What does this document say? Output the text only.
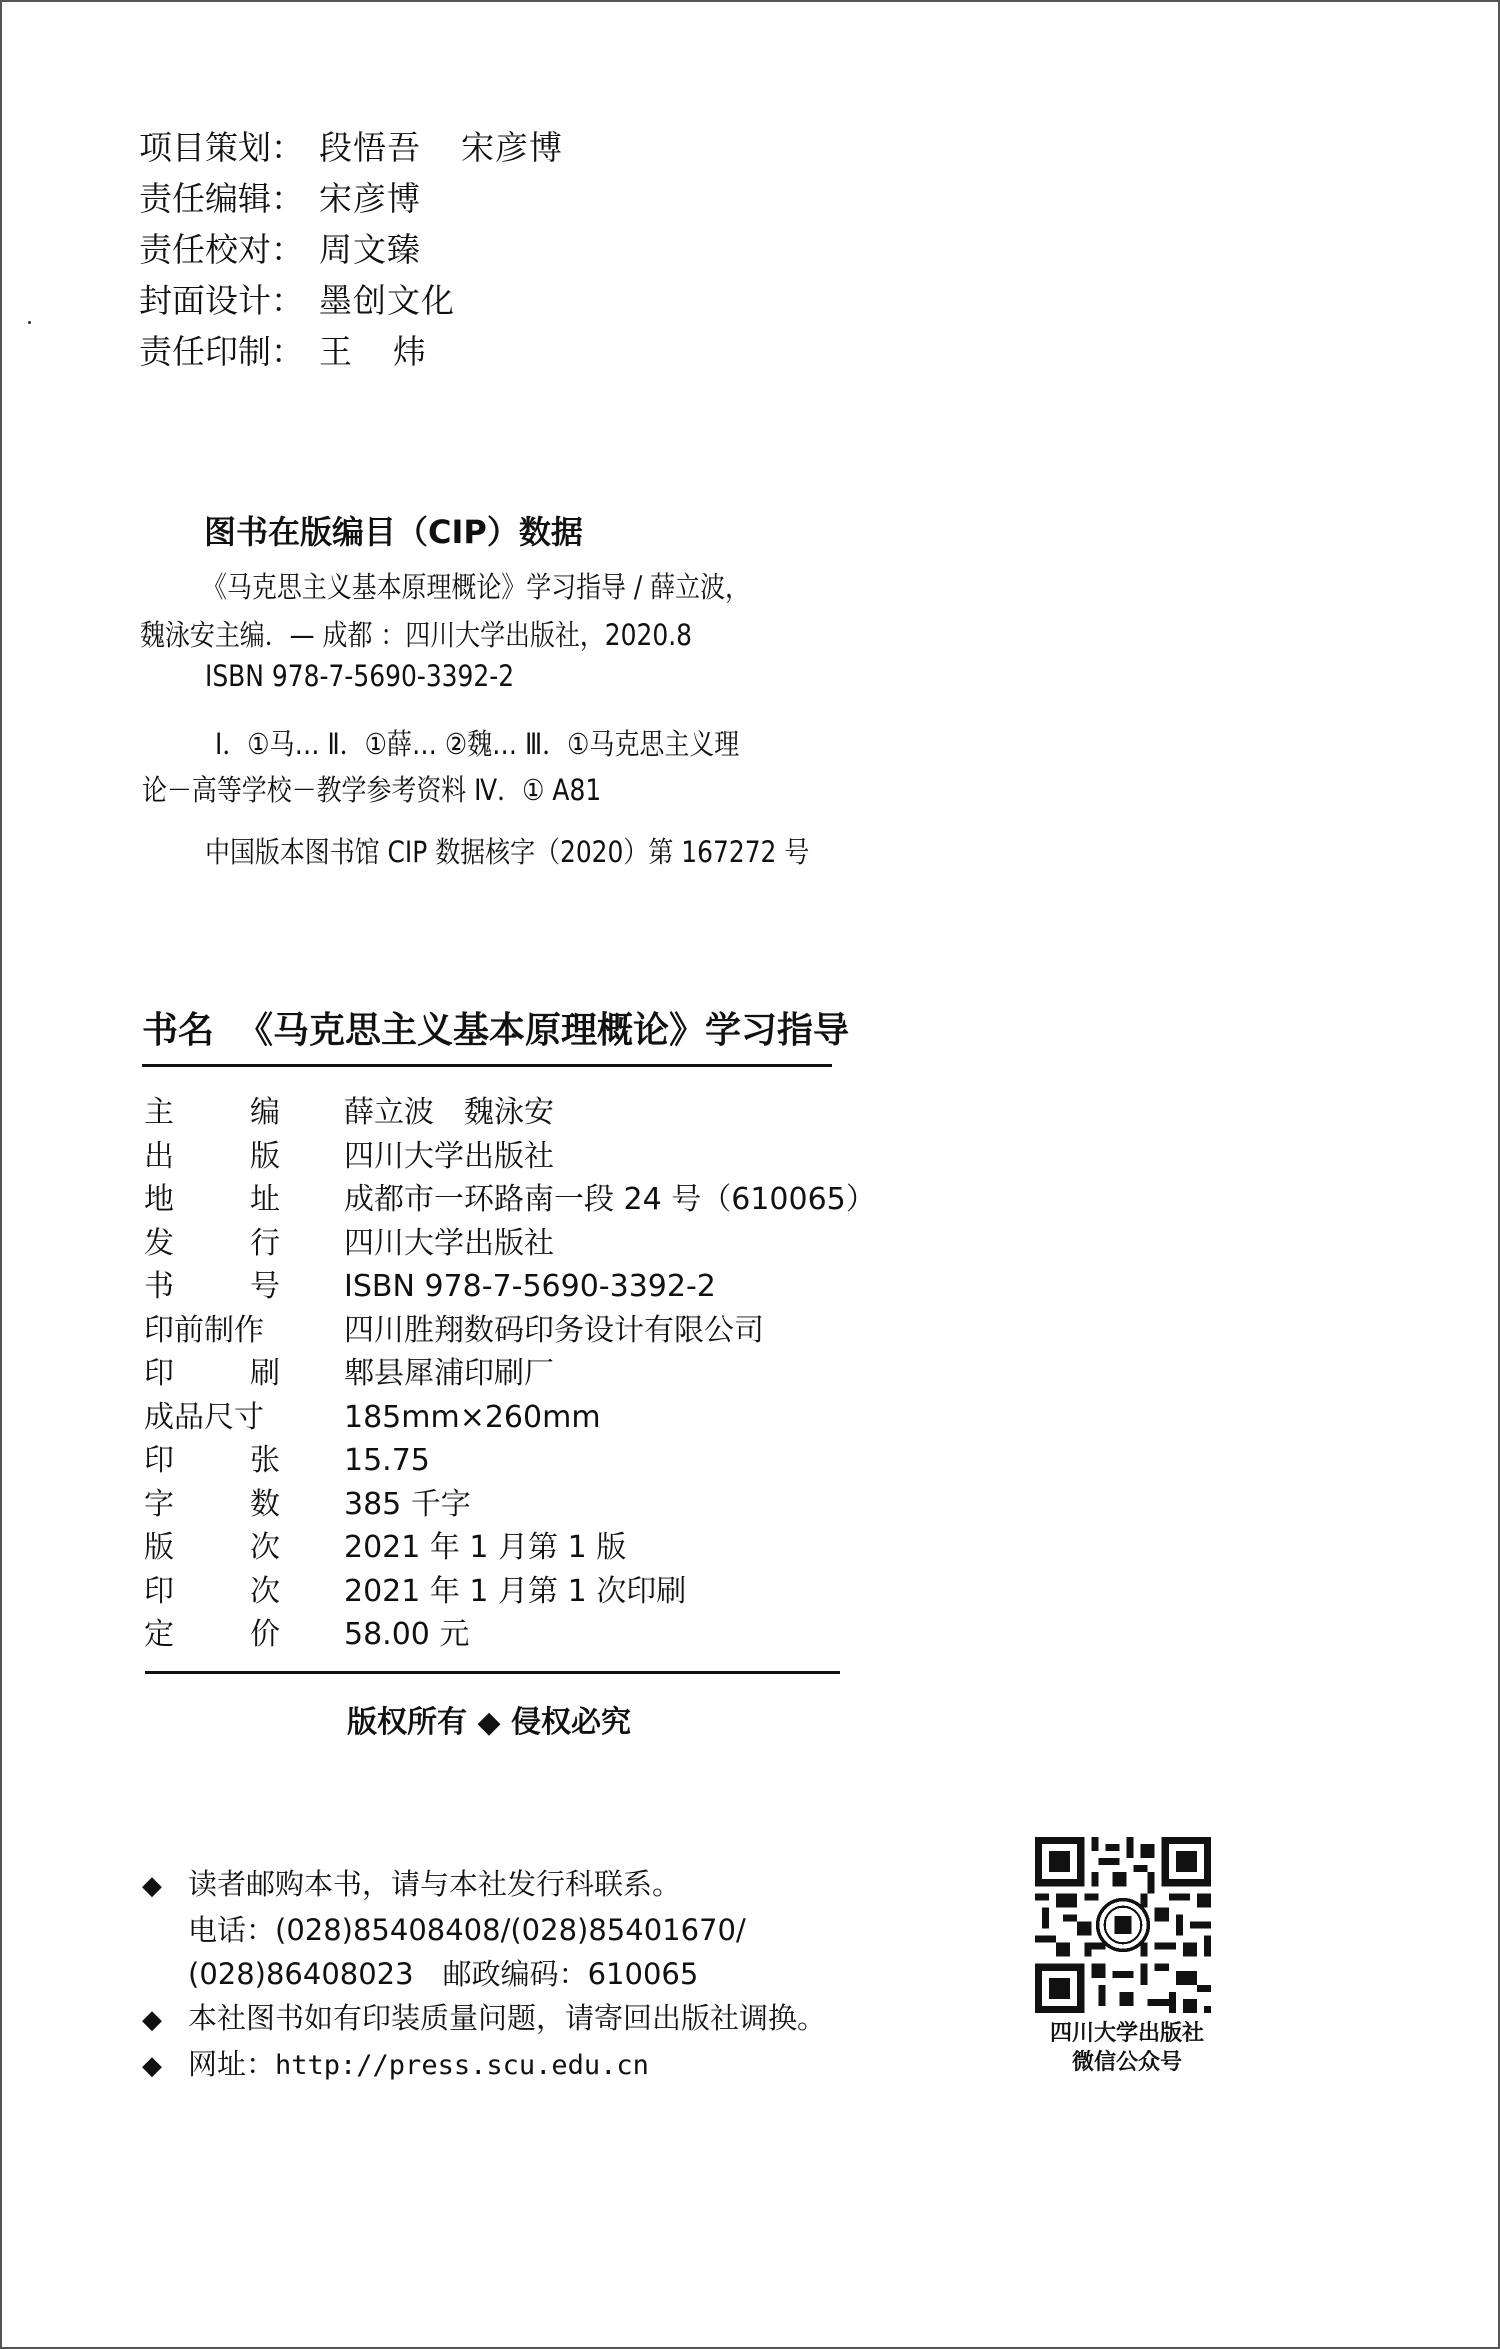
项目策划： 段悟吾 宋彦博
责任编辑： 宋彦博
责任校对： 周文臻
封面设计： 墨创文化
责任印制： 王 炜
图书在版编目（CIP）数据
《马克思主义基本原理概论》学习指导 / 薛立波，
魏泳安主编．— 成都 ：四川大学出版社，2020.8
ISBN 978-7-5690-3392-2
Ⅰ．①马… Ⅱ．①薛… ②魏… Ⅲ．①马克思主义理
论－高等学校－教学参考资料 Ⅳ．① A81
中国版本图书馆 CIP 数据核字（2020）第 167272 号
书名 《马克思主义基本原理概论》学习指导
主	编 薛立波　魏泳安
出	版 四川大学出版社
地	址 成都市一环路南一段 24 号（610065）
发	行 四川大学出版社
书	号 ISBN 978-7-5690-3392-2
印前制作	四川胜翔数码印务设计有限公司
印	刷 郫县犀浦印刷厂
成品尺寸	185mm×260mm
印	张 15.75
字	数 385 千字
版	次 2021 年 1 月第 1 版
印	次 2021 年 1 月第 1 次印刷
定	价 58.00 元
版权所有 ◆ 侵权必究
◆ 读者邮购本书，请与本社发行科联系。
电话：(028)85408408/(028)85401670/
(028)86408023　邮政编码：610065
◆ 本社图书如有印装质量问题，请寄回出版社调换。
◆ 网址： http://press.scu.edu.cn
四川大学出版社
微信公众号
